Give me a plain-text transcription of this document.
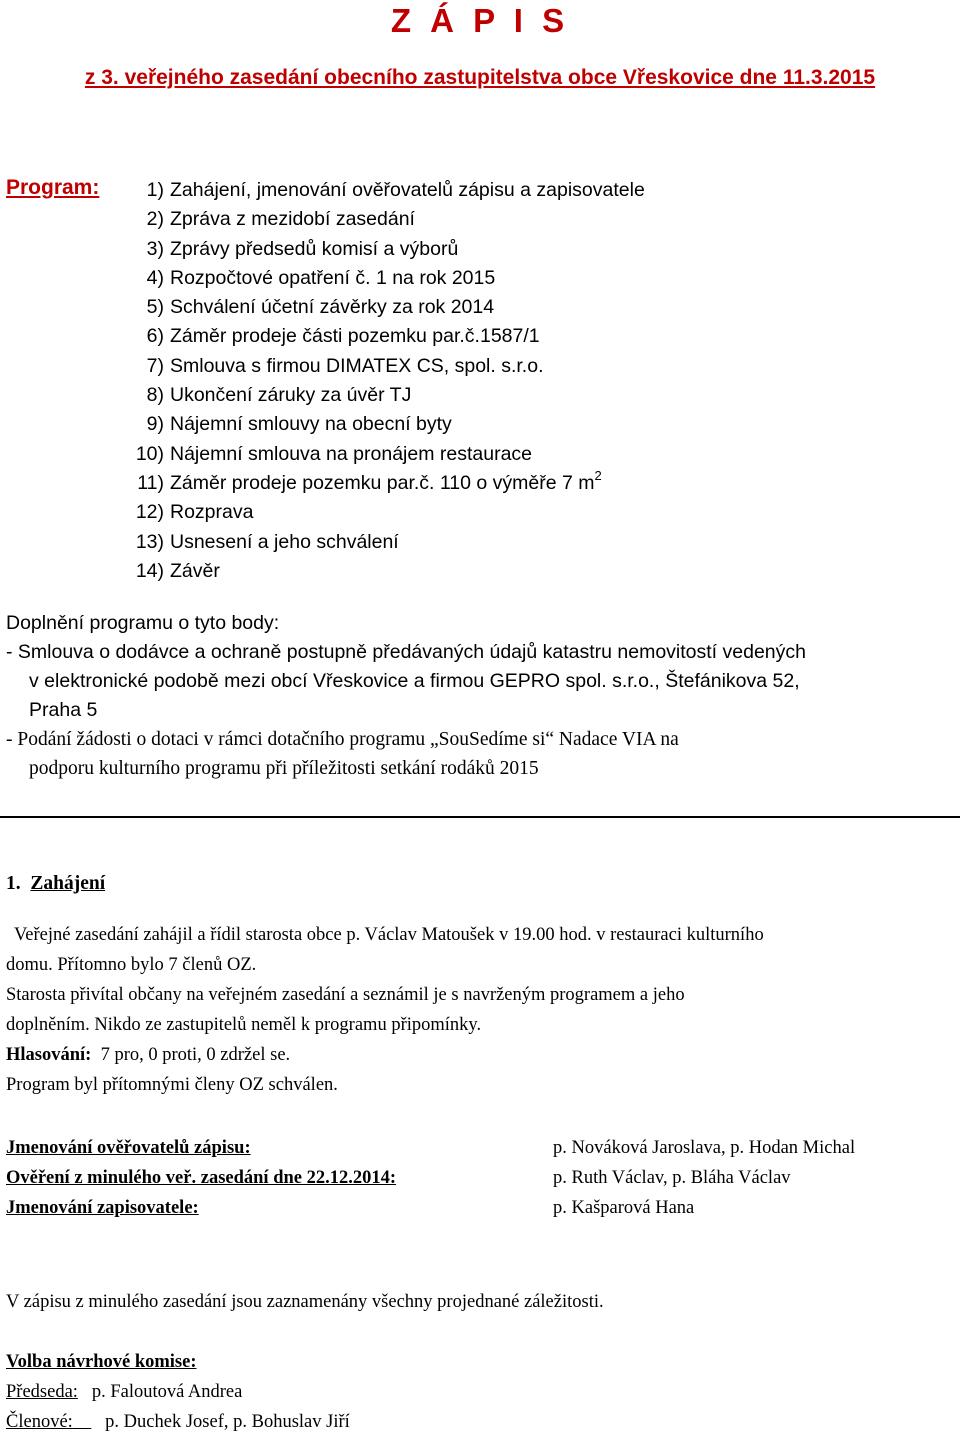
Z Á P I S
z 3. veřejného zasedání obecního zastupitelstva obce Vřeskovice dne 11.3.2015
Program:	1) Zahájení, jmenování ověřovatelů zápisu a zapisovatele
2) Zpráva z mezidobí zasedání
3) Zprávy předsedů komisí a výborů
4) Rozpočtové opatření č. 1 na rok 2015
5) Schválení účetní závěrky za rok 2014
6) Záměr prodeje části pozemku par.č.1587/1
7) Smlouva s firmou DIMATEX CS, spol. s.r.o.
8) Ukončení záruky za úvěr TJ
9) Nájemní smlouvy na obecní byty
10) Nájemní smlouva na pronájem restaurace
11) Záměr prodeje pozemku par.č. 110 o výměře 7 $m^2$
12) Rozprava
13) Usnesení a jeho schválení
14) Závěr
Doplnění programu o tyto body:
- Smlouva o dodávce a ochraně postupně předávaných údajů katastru nemovitostí vedených
v elektronické podobě mezi obcí Vřeskovice a firmou GEPRO spol. s.r.o., Štefánikova 52,
Praha 5
- Podání žádosti o dotaci v rámci dotačního programu „SouSedíme si“ Nadace VIA na
podporu kulturního programu při příležitosti setkání rodáků 2015
1. Zahájení
Veřejné zasedání zahájil a řídil starosta obce p. Václav Matoušek v 19.00 hod. v restauraci kulturního
domu. Přítomno bylo 7 členů OZ.
Starosta přivítal občany na veřejném zasedání a seznámil je s navrženým programem a jeho
doplněním. Nikdo ze zastupitelů neměl k programu připomínky.
Hlasování: 7 pro, 0 proti, 0 zdržel se.
Program byl přítomnými členy OZ schválen.
Jmenování ověřovatelů zápisu:	p. Nováková Jaroslava, p. Hodan Michal
Ověření z minulého veř. zasedání dne 22.12.2014:	p. Ruth Václav, p. Bláha Václav
Jmenování zapisovatele:	p. Kašparová Hana
V zápisu z minulého zasedání jsou zaznamenány všechny projednané záležitosti.
Volba návrhové komise:
Předseda: p. Faloutová Andrea
Členové: p. Duchek Josef, p. Bohuslav Jiří
